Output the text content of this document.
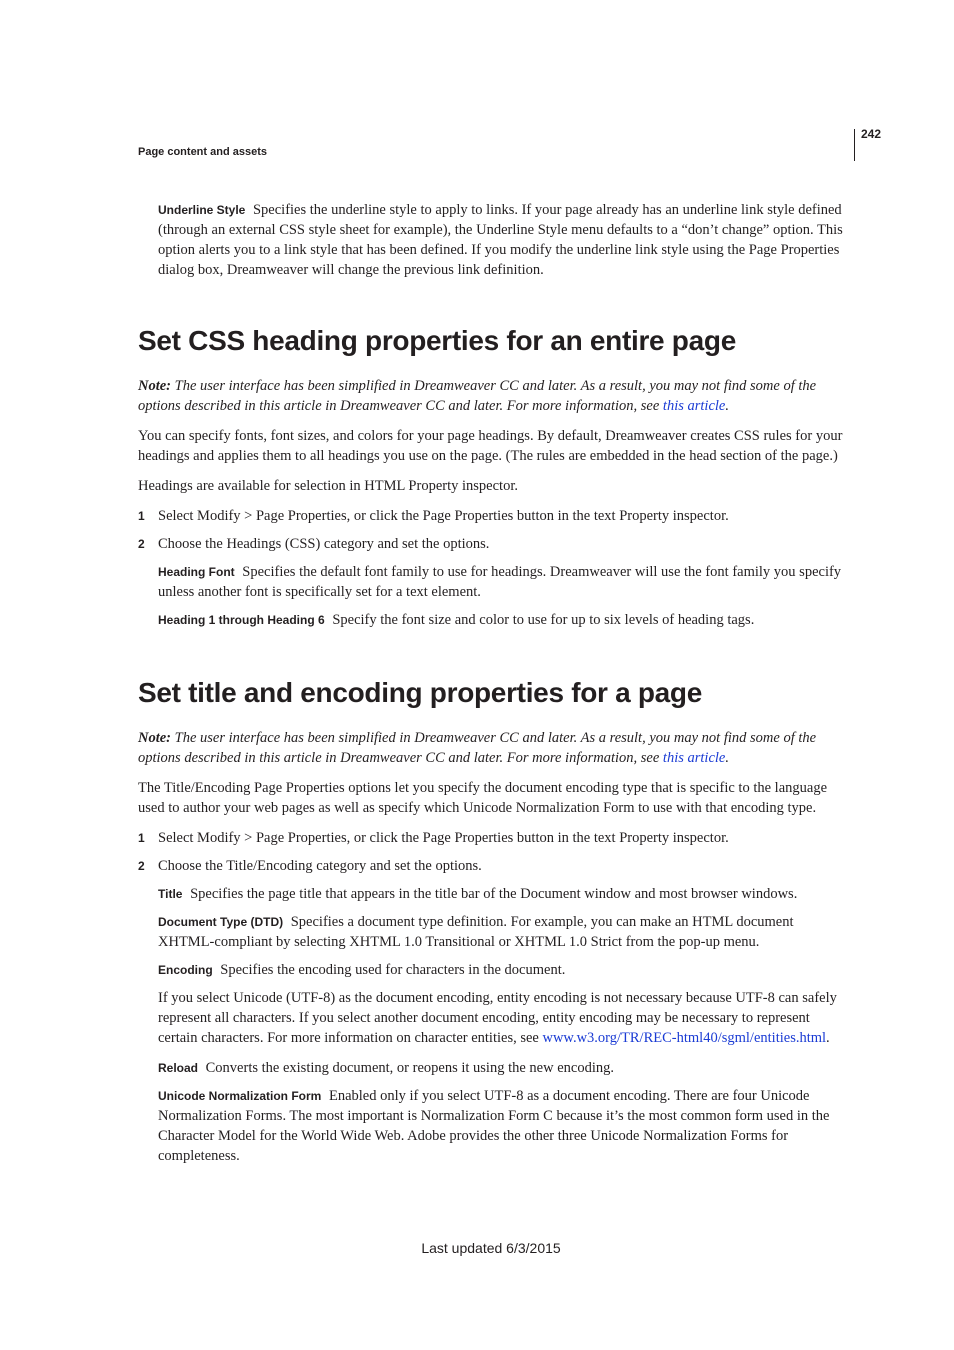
242
Page content and assets

Underline Style Specifies the underline style to apply to links. If your page already has an underline link style defined (through an external CSS style sheet for example), the Underline Style menu defaults to a “don’t change” option. This option alerts you to a link style that has been defined. If you modify the underline link style using the Page Properties dialog box, Dreamweaver will change the previous link definition.

Set CSS heading properties for an entire page

Note: The user interface has been simplified in Dreamweaver CC and later. As a result, you may not find some of the options described in this article in Dreamweaver CC and later. For more information, see this article.

You can specify fonts, font sizes, and colors for your page headings. By default, Dreamweaver creates CSS rules for your headings and applies them to all headings you use on the page. (The rules are embedded in the head section of the page.)

Headings are available for selection in HTML Property inspector.

1 Select Modify > Page Properties, or click the Page Properties button in the text Property inspector.
2 Choose the Headings (CSS) category and set the options.

Heading Font Specifies the default font family to use for headings. Dreamweaver will use the font family you specify unless another font is specifically set for a text element.

Heading 1 through Heading 6 Specify the font size and color to use for up to six levels of heading tags.

Set title and encoding properties for a page

Note: The user interface has been simplified in Dreamweaver CC and later. As a result, you may not find some of the options described in this article in Dreamweaver CC and later. For more information, see this article.

The Title/Encoding Page Properties options let you specify the document encoding type that is specific to the language used to author your web pages as well as specify which Unicode Normalization Form to use with that encoding type.

1 Select Modify > Page Properties, or click the Page Properties button in the text Property inspector.
2 Choose the Title/Encoding category and set the options.

Title Specifies the page title that appears in the title bar of the Document window and most browser windows.

Document Type (DTD) Specifies a document type definition. For example, you can make an HTML document XHTML-compliant by selecting XHTML 1.0 Transitional or XHTML 1.0 Strict from the pop-up menu.

Encoding Specifies the encoding used for characters in the document.

If you select Unicode (UTF-8) as the document encoding, entity encoding is not necessary because UTF-8 can safely represent all characters. If you select another document encoding, entity encoding may be necessary to represent certain characters. For more information on character entities, see www.w3.org/TR/REC-html40/sgml/entities.html.

Reload Converts the existing document, or reopens it using the new encoding.

Unicode Normalization Form Enabled only if you select UTF-8 as a document encoding. There are four Unicode Normalization Forms. The most important is Normalization Form C because it’s the most common form used in the Character Model for the World Wide Web. Adobe provides the other three Unicode Normalization Forms for completeness.

Last updated 6/3/2015
